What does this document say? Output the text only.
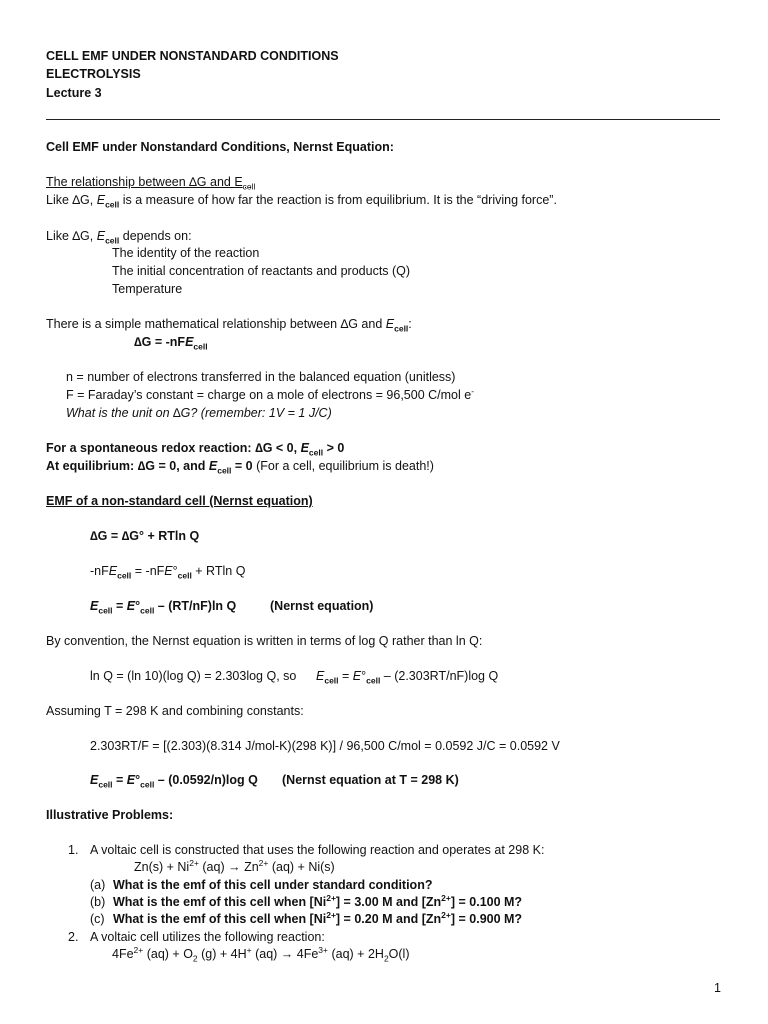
CELL EMF UNDER NONSTANDARD CONDITIONS
ELECTROLYSIS
Lecture 3
Cell EMF under Nonstandard Conditions, Nernst Equation:
The relationship between ∆G and $E_{cell}$
Like ∆G, $E_{cell}$ is a measure of how far the reaction is from equilibrium. It is the “driving force”.
Like ∆G, $E_{cell}$ depends on:
The identity of the reaction
The initial concentration of reactants and products (Q)
Temperature
There is a simple mathematical relationship between ∆G and $E_{cell}$:
∆G = -nFE$_{cell}$
n = number of electrons transferred in the balanced equation (unitless)
F = Faraday’s constant = charge on a mole of electrons = 96,500 C/mol e-
What is the unit on ∆G? (remember: 1V = 1 J/C)
For a spontaneous redox reaction: ∆G < 0, $E_{cell} > 0$
At equilibrium: ∆G = 0, and $E_{cell} = 0$ (For a cell, equilibrium is death!)
EMF of a non-standard cell (Nernst equation)
∆G = ∆G° + RTln Q
$-nFE_{cell} = -nFE^\circ_{cell} + RTln$ Q
$E_{cell} = E^\circ_{cell} - (RT/nF)\ln$ Q	(Nernst equation)
By convention, the Nernst equation is written in terms of log Q rather than ln Q:
ln Q = (ln 10)(log Q) = 2.303log Q, so $E_{cell} = E^\circ_{cell} - (2.303RT/nF)\log$ Q
Assuming T = 298 K and combining constants:
2.303RT/F = [(2.303)(8.314 J/mol-K)(298 K)] / 96,500 C/mol = 0.0592 J/C = 0.0592 V
$E_{cell} = E^\circ_{cell} - (0.0592/n)\log$ Q (Nernst equation at T = 298 K)
Illustrative Problems:
1. A voltaic cell is constructed that uses the following reaction and operates at 298 K:
$Zn(s) + Ni^{2+}$ $(aq) \to Zn^{2+}$ (aq) + Ni(s)
(a) What is the emf of this cell under standard condition?
(b) What is the emf of this cell when $[Ni^{2+}] = 3.00$ M and $[Zn^{2+}] = 0.100$ M?
(c) What is the emf of this cell when $[Ni^{2+}] = 0.20$ M and $[Zn^{2+}] = 0.900$ M?
2. A voltaic cell utilizes the following reaction:
$4Fe^{2+}$ $(aq) + O_2$ (g) + 4H+ $(aq) \to 4Fe^{3+}$ $(aq) + 2H_2O(l)$
1
